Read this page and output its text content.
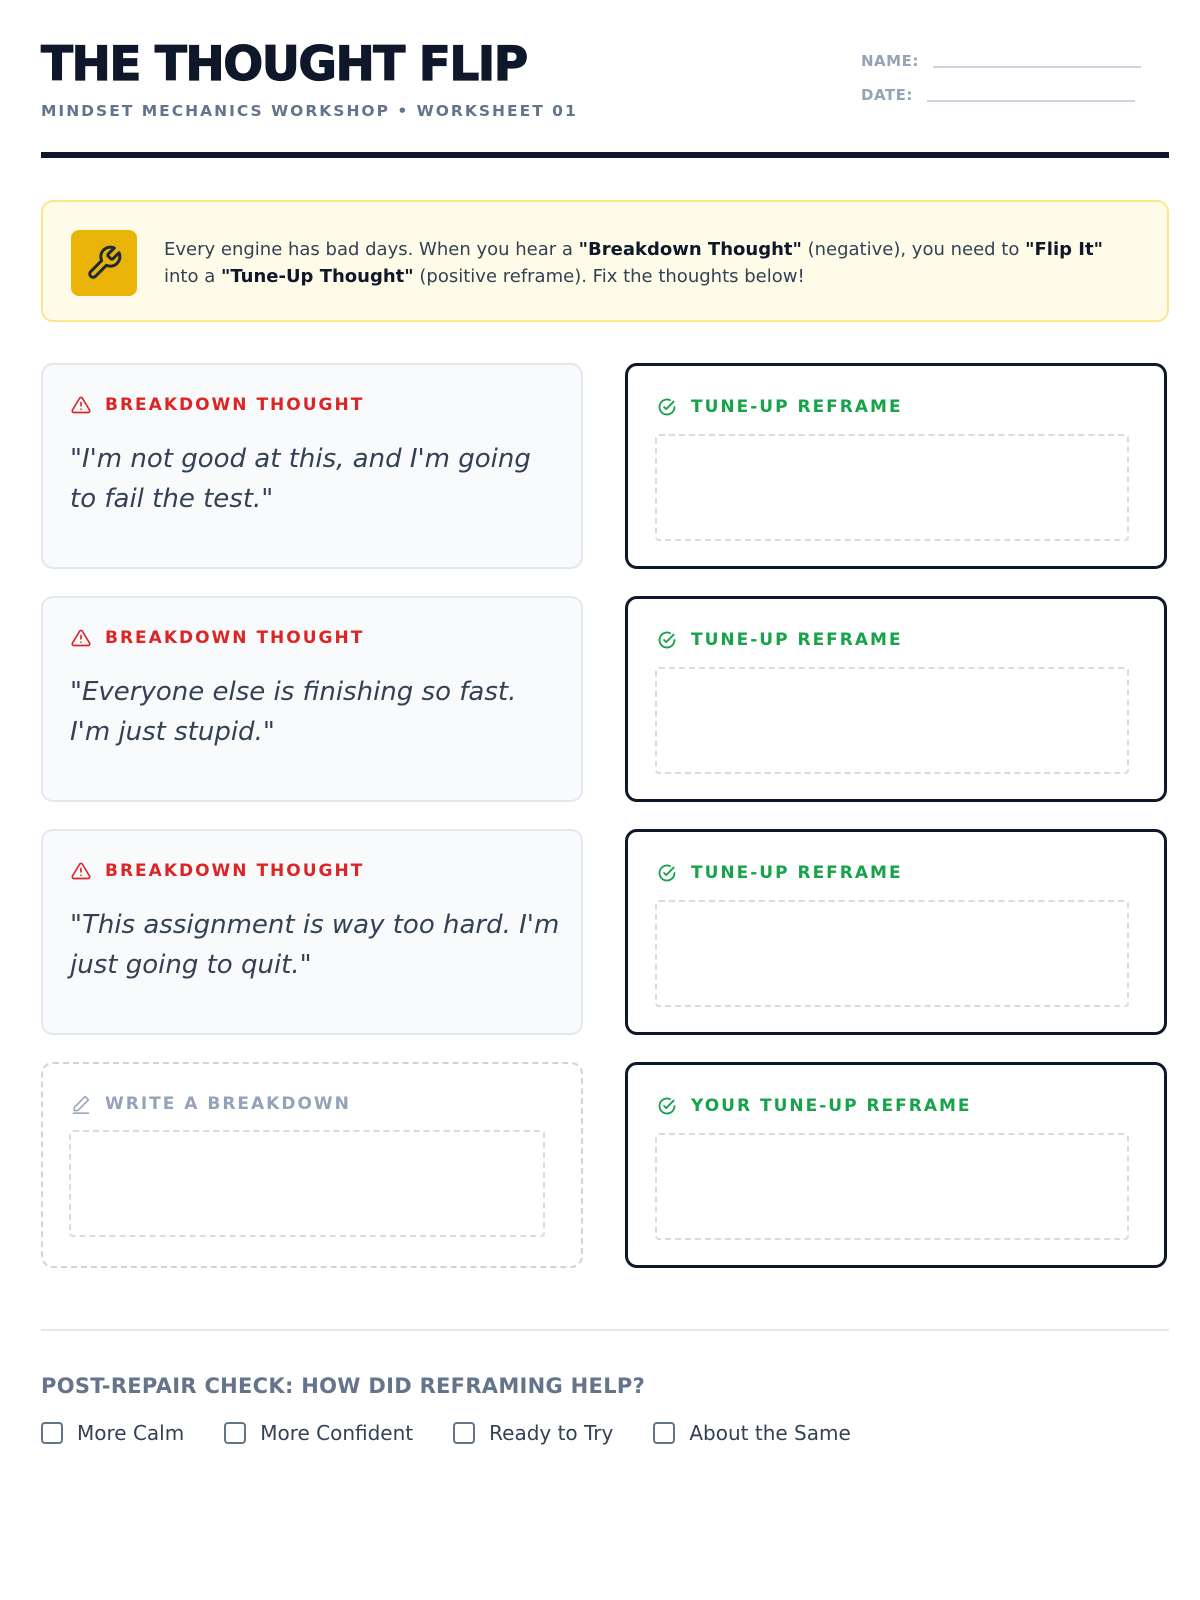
THE THOUGHT FLIP
MINDSET MECHANICS WORKSHOP • WORKSHEET 01
NAME:
DATE:
Every engine has bad days. When you hear a "Breakdown Thought" (negative), you need to "Flip It" into a "Tune-Up Thought" (positive reframe). Fix the thoughts below!
BREAKDOWN THOUGHT
"I'm not good at this, and I'm going to fail the test."
TUNE-UP REFRAME
BREAKDOWN THOUGHT
"Everyone else is finishing so fast. I'm just stupid."
TUNE-UP REFRAME
BREAKDOWN THOUGHT
"This assignment is way too hard. I'm just going to quit."
TUNE-UP REFRAME
WRITE A BREAKDOWN	YOUR TUNE-UP REFRAME
POST-REPAIR CHECK: HOW DID REFRAMING HELP?
More Calm	More Confident	Ready to Try	About the Same
